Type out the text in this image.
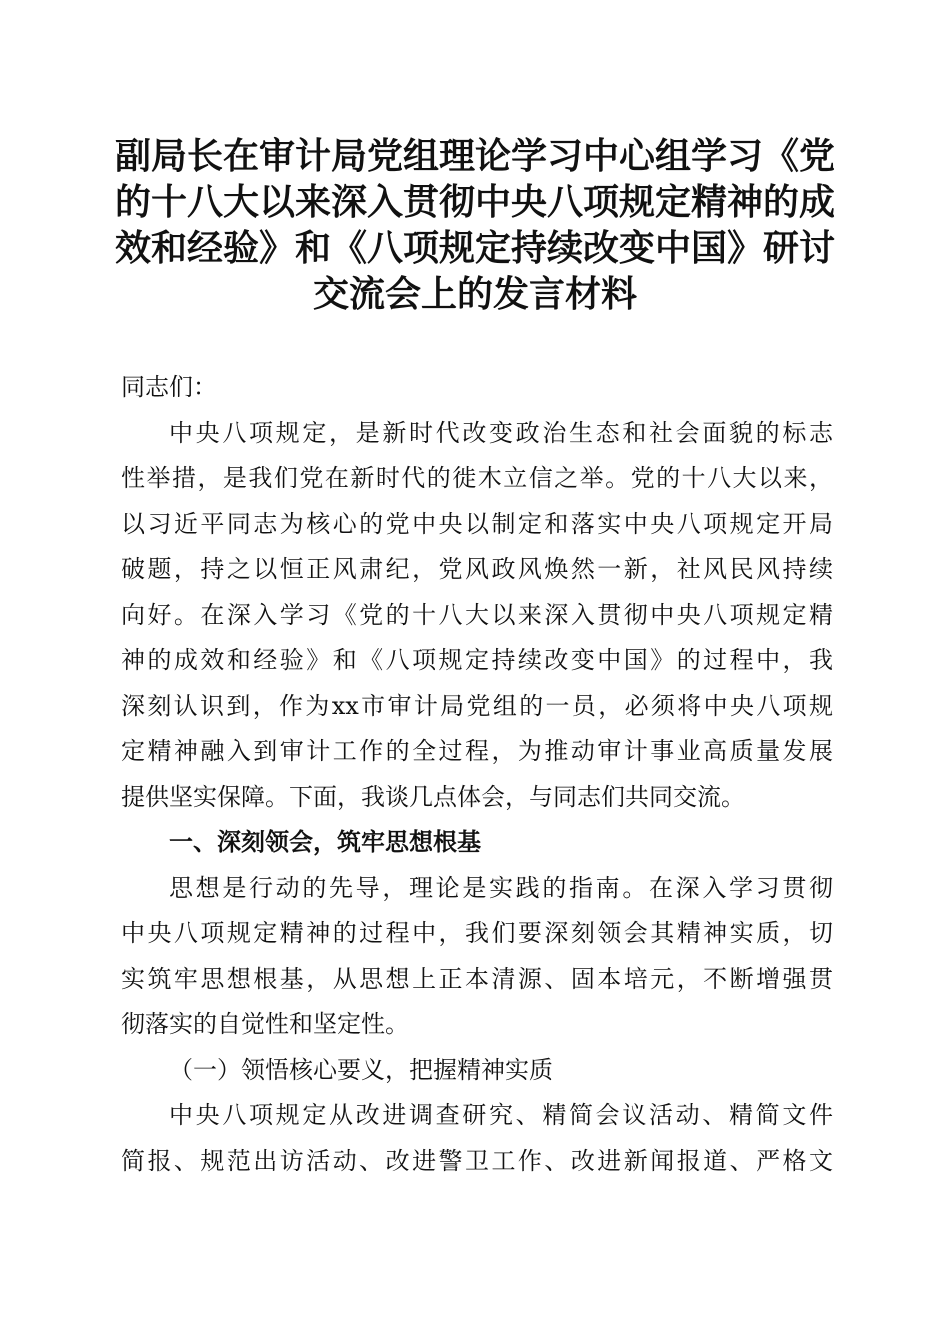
副局长在审计局党组理论学习中心组学习《党
的十八大以来深入贯彻中央八项规定精神的成
效和经验》和《八项规定持续改变中国》研讨
交流会上的发言材料
同志们：
中央八项规定，是新时代改变政治生态和社会面貌的标志
性举措，是我们党在新时代的徙木立信之举。党的十八大以来，
以习近平同志为核心的党中央以制定和落实中央八项规定开局
破题，持之以恒正风肃纪，党风政风焕然一新，社风民风持续
向好。在深入学习《党的十八大以来深入贯彻中央八项规定精
神的成效和经验》和《八项规定持续改变中国》的过程中，我
深刻认识到，作为xx市审计局党组的一员，必须将中央八项规
定精神融入到审计工作的全过程，为推动审计事业高质量发展
提供坚实保障。下面，我谈几点体会，与同志们共同交流。
一、深刻领会，筑牢思想根基
思想是行动的先导，理论是实践的指南。在深入学习贯彻
中央八项规定精神的过程中，我们要深刻领会其精神实质，切
实筑牢思想根基，从思想上正本清源、固本培元，不断增强贯
彻落实的自觉性和坚定性。
（一）领悟核心要义，把握精神实质
中央八项规定从改进调查研究、精简会议活动、精简文件
简报、规范出访活动、改进警卫工作、改进新闻报道、严格文
